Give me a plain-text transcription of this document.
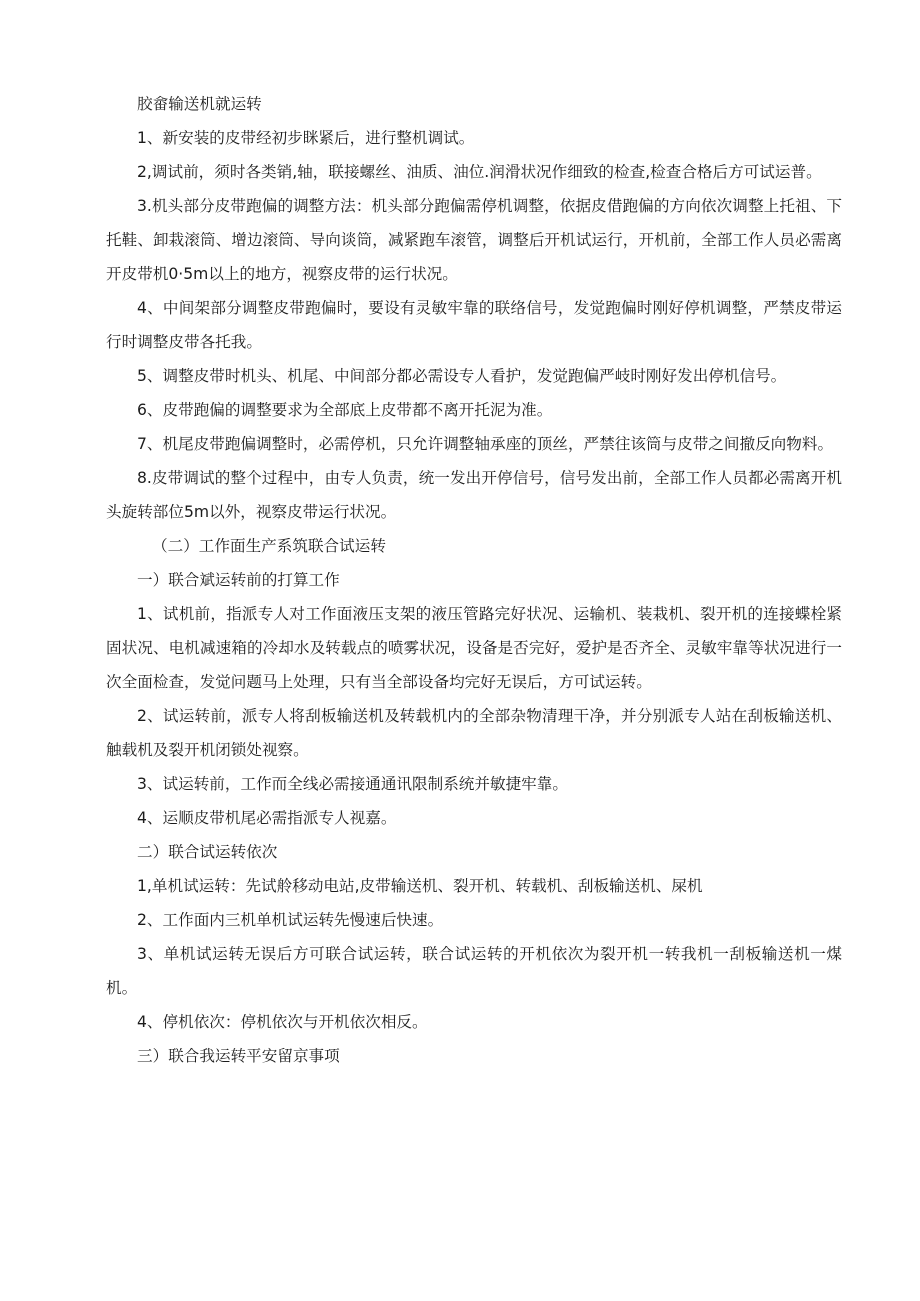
胶畲输送机就运转

1、新安装的皮带经初步眯紧后，进行整机调试。

2,调试前，须时各类销,轴，联接螺丝、油质、油位.润滑状况作细致的检查,检查合格后方可试运普。

3.机头部分皮带跑偏的调整方法：机头部分跑偏需停机调整，依据皮借跑偏的方向依次调整上托祖、下托鞋、卸栽滚筒、增边滚筒、导向谈筒，减紧跑车滚管，调整后开机试运行，开机前，全部工作人员必需离开皮带机0·5m以上的地方，视察皮带的运行状况。

4、中间架部分调整皮带跑偏时，要设有灵敏牢靠的联络信号，发觉跑偏时刚好停机调整，严禁皮带运行时调整皮带各托我。

5、调整皮带时机头、机尾、中间部分都必需设专人看护，发觉跑偏严岐时刚好发出停机信号。

6、皮带跑偏的调整要求为全部底上皮带都不离开托泥为准。

7、机尾皮带跑偏调整时，必需停机，只允许调整轴承座的顶丝，严禁往该筒与皮带之间撤反向物料。

8.皮带调试的整个过程中，由专人负责，统一发出开停信号，信号发出前，全部工作人员都必需离开机头旋转部位5m以外，视察皮带运行状况。

（二）工作面生产系筑联合试运转

一）联合斌运转前的打算工作

1、试机前，指派专人对工作面液压支架的液压管路完好状况、运输机、装栽机、裂开机的连接蝶栓紧固状况、电机减速箱的冷却水及转载点的喷雾状况，设备是否完好，爱护是否齐全、灵敏牢靠等状况进行一次全面检查，发觉问题马上处理，只有当全部设备均完好无误后，方可试运转。

2、试运转前，派专人将刮板输送机及转载机内的全部杂物清理干净，并分别派专人站在刮板输送机、触载机及裂开机闭锁处视察。

3、试运转前，工作而全线必需接通通讯限制系统并敏捷牢靠。

4、运顺皮带机尾必需指派专人视嘉。

二）联合试运转依次

1,单机试运转：先试舲移动电站,皮带输送机、裂开机、转载机、刮板输送机、屎机

2、工作面内三机单机试运转先慢速后快速。

3、单机试运转无误后方可联合试运转，联合试运转的开机依次为裂开机一转我机一刮板输送机一煤机。

4、停机依次：停机依次与开机依次相反。

三）联合我运转平安留京事项
